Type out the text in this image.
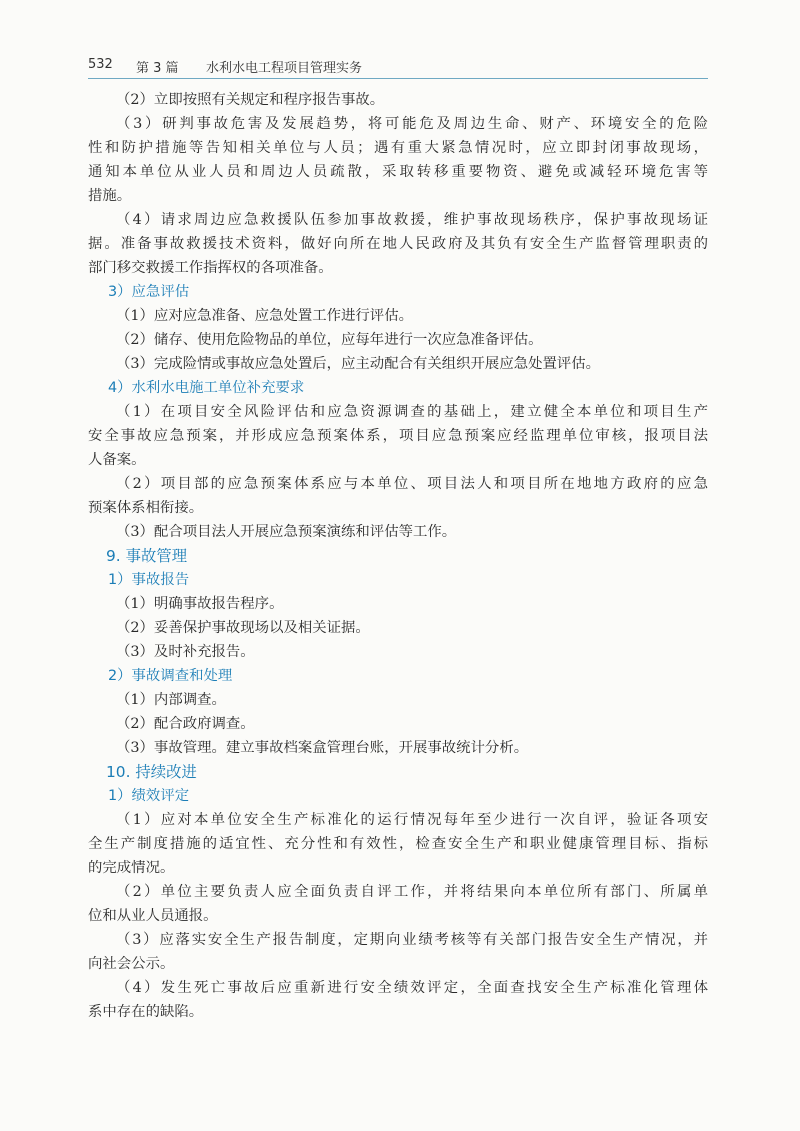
532 第 3 篇 水利水电工程项目管理实务
（2）立即按照有关规定和程序报告事故。
（3）研判事故危害及发展趋势，将可能危及周边生命、财产、环境安全的危险
性和防护措施等告知相关单位与人员；遇有重大紧急情况时，应立即封闭事故现场，
通知本单位从业人员和周边人员疏散，采取转移重要物资、避免或减轻环境危害等
措施。
（4）请求周边应急救援队伍参加事故救援，维护事故现场秩序，保护事故现场证
据。准备事故救援技术资料，做好向所在地人民政府及其负有安全生产监督管理职责的
部门移交救援工作指挥权的各项准备。
3）应急评估
（1）应对应急准备、应急处置工作进行评估。
（2）储存、使用危险物品的单位，应每年进行一次应急准备评估。
（3）完成险情或事故应急处置后，应主动配合有关组织开展应急处置评估。
4）水利水电施工单位补充要求
（1）在项目安全风险评估和应急资源调查的基础上，建立健全本单位和项目生产
安全事故应急预案，并形成应急预案体系，项目应急预案应经监理单位审核，报项目法
人备案。
（2）项目部的应急预案体系应与本单位、项目法人和项目所在地地方政府的应急
预案体系相衔接。
（3）配合项目法人开展应急预案演练和评估等工作。
9. 事故管理
1）事故报告
（1）明确事故报告程序。
（2）妥善保护事故现场以及相关证据。
（3）及时补充报告。
2）事故调查和处理
（1）内部调查。
（2）配合政府调查。
（3）事故管理。建立事故档案盒管理台账，开展事故统计分析。
10. 持续改进
1）绩效评定
（1）应对本单位安全生产标准化的运行情况每年至少进行一次自评，验证各项安
全生产制度措施的适宜性、充分性和有效性，检查安全生产和职业健康管理目标、指标
的完成情况。
（2）单位主要负责人应全面负责自评工作，并将结果向本单位所有部门、所属单
位和从业人员通报。
（3）应落实安全生产报告制度，定期向业绩考核等有关部门报告安全生产情况，并
向社会公示。
（4）发生死亡事故后应重新进行安全绩效评定，全面查找安全生产标准化管理体
系中存在的缺陷。
